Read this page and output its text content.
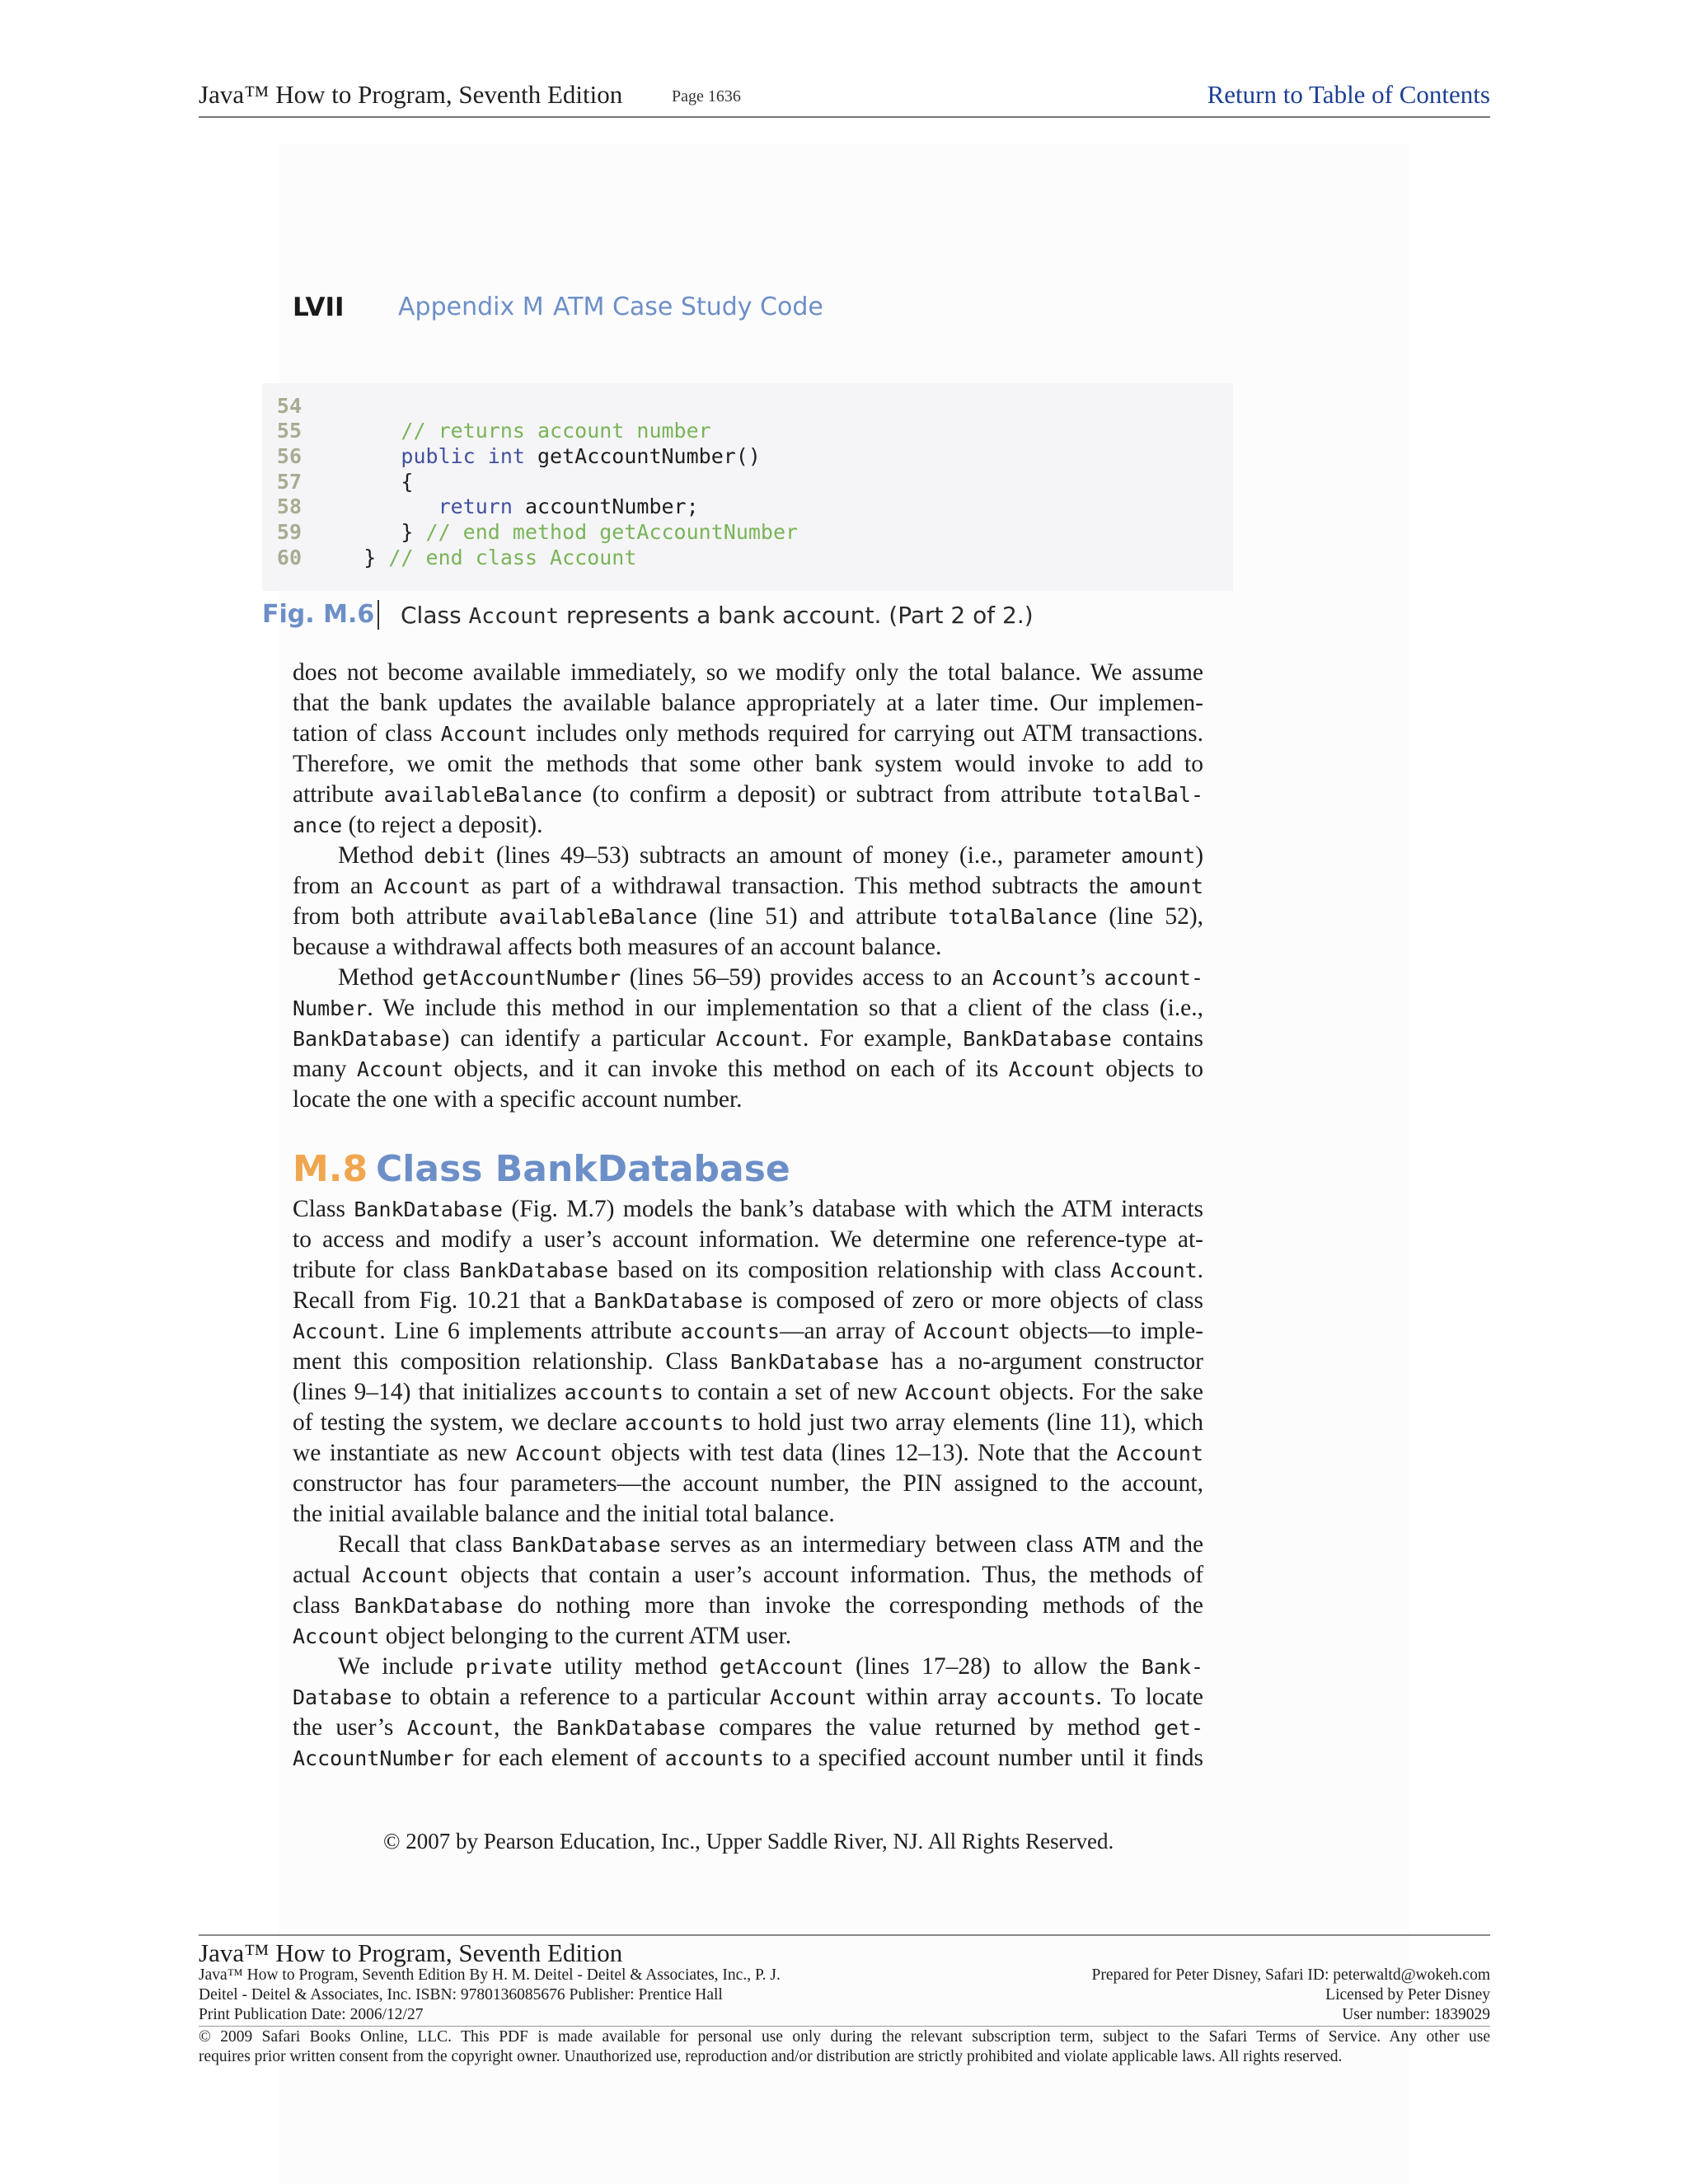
Java™ How to Program, Seventh Edition	Page 1636	Return to Table of Contents
LVII Appendix M ATM Case Study Code
54
55	// returns account number
56	public int getAccountNumber()
57	{
58	return accountNumber;
59	} // end method getAccountNumber
60	} // end class Account
Fig. M.6 Class Account represents a bank account. (Part 2 of 2.)
does not become available immediately, so we modify only the total balance. We assume
that the bank updates the available balance appropriately at a later time. Our implemen-
tation of class Account includes only methods required for carrying out ATM transactions.
Therefore, we omit the methods that some other bank system would invoke to add to
attribute availableBalance (to confirm a deposit) or subtract from attribute totalBal-
ance (to reject a deposit).
Method debit (lines 49–53) subtracts an amount of money (i.e., parameter amount)
from an Account as part of a withdrawal transaction. This method subtracts the amount
from both attribute availableBalance (line 51) and attribute totalBalance (line 52),
because a withdrawal affects both measures of an account balance.
Method getAccountNumber (lines 56–59) provides access to an Account’s account-
Number. We include this method in our implementation so that a client of the class (i.e.,
BankDatabase) can identify a particular Account. For example, BankDatabase contains
many Account objects, and it can invoke this method on each of its Account objects to
locate the one with a specific account number.
M.8 Class BankDatabase
Class BankDatabase (Fig. M.7) models the bank’s database with which the ATM interacts
to access and modify a user’s account information. We determine one reference-type at-
tribute for class BankDatabase based on its composition relationship with class Account.
Recall from Fig. 10.21 that a BankDatabase is composed of zero or more objects of class
Account. Line 6 implements attribute accounts—an array of Account objects—to imple-
ment this composition relationship. Class BankDatabase has a no-argument constructor
(lines 9–14) that initializes accounts to contain a set of new Account objects. For the sake
of testing the system, we declare accounts to hold just two array elements (line 11), which
we instantiate as new Account objects with test data (lines 12–13). Note that the Account
constructor has four parameters—the account number, the PIN assigned to the account,
the initial available balance and the initial total balance.
Recall that class BankDatabase serves as an intermediary between class ATM and the
actual Account objects that contain a user’s account information. Thus, the methods of
class BankDatabase do nothing more than invoke the corresponding methods of the
Account object belonging to the current ATM user.
We include private utility method getAccount (lines 17–28) to allow the Bank-
Database to obtain a reference to a particular Account within array accounts. To locate
the user’s Account, the BankDatabase compares the value returned by method get-
AccountNumber for each element of accounts to a specified account number until it finds
© 2007 by Pearson Education, Inc., Upper Saddle River, NJ. All Rights Reserved.
Java™ How to Program, Seventh Edition
Java™ How to Program, Seventh Edition By H. M. Deitel - Deitel & Associates, Inc., P. J.
Deitel - Deitel & Associates, Inc. ISBN: 9780136085676 Publisher: Prentice Hall
Print Publication Date: 2006/12/27
Prepared for Peter Disney, Safari ID: peterwaltd@wokeh.com
Licensed by Peter Disney
User number: 1839029
© 2009 Safari Books Online, LLC. This PDF is made available for personal use only during the relevant subscription term, subject to the Safari Terms of Service. Any other use
requires prior written consent from the copyright owner. Unauthorized use, reproduction and/or distribution are strictly prohibited and violate applicable laws. All rights reserved.
